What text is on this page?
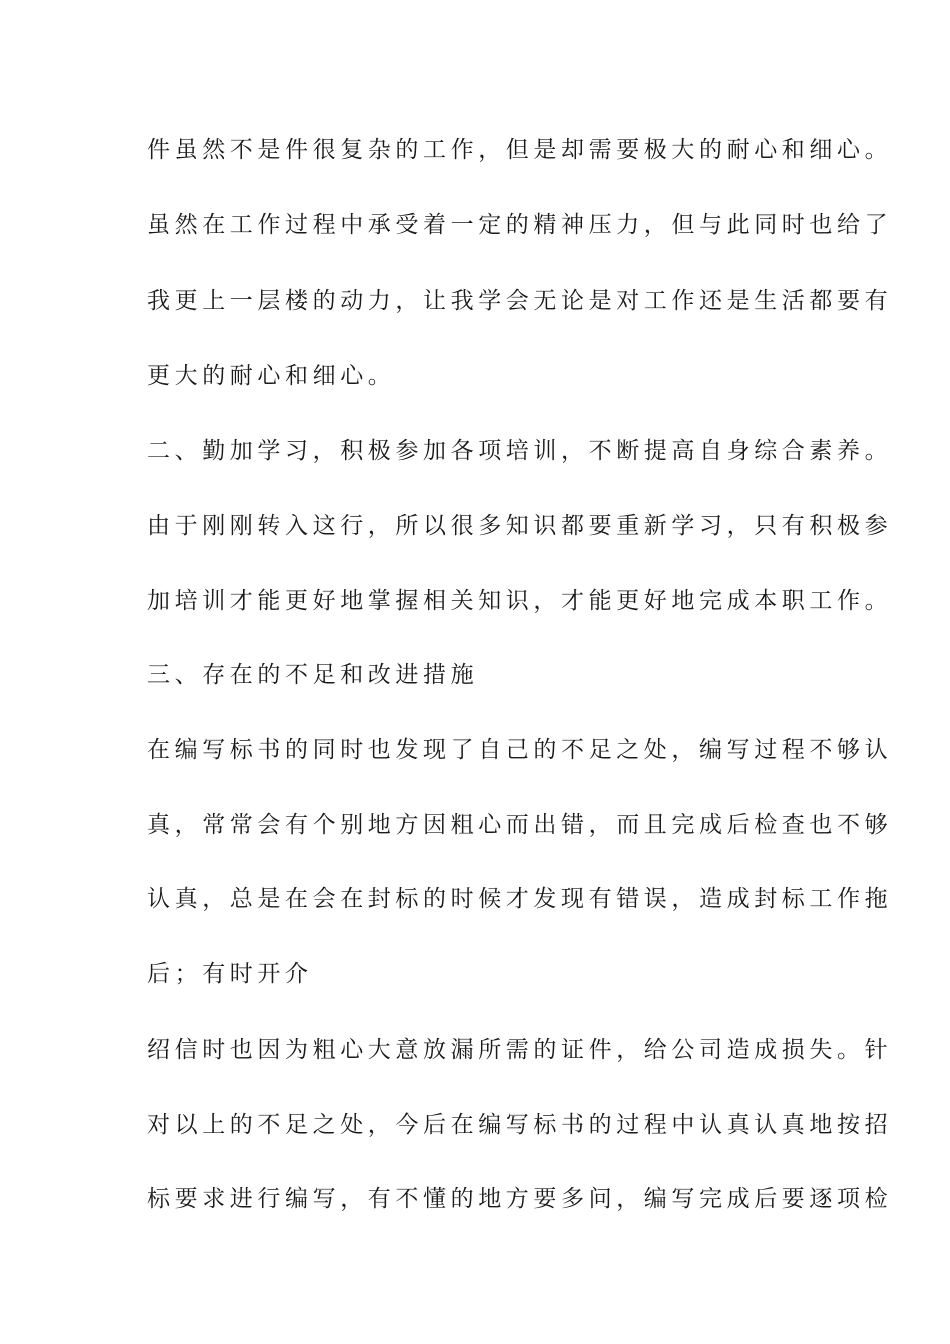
件虽然不是件很复杂的工作，但是却需要极大的耐心和细心。
虽然在工作过程中承受着一定的精神压力，但与此同时也给了
我更上一层楼的动力，让我学会无论是对工作还是生活都要有
更大的耐心和细心。
二、勤加学习，积极参加各项培训，不断提高自身综合素养。
由于刚刚转入这行，所以很多知识都要重新学习，只有积极参
加培训才能更好地掌握相关知识，才能更好地完成本职工作。
三、存在的不足和改进措施
在编写标书的同时也发现了自己的不足之处，编写过程不够认
真，常常会有个别地方因粗心而出错，而且完成后检查也不够
认真，总是在会在封标的时候才发现有错误，造成封标工作拖
后；有时开介
绍信时也因为粗心大意放漏所需的证件，给公司造成损失。针
对以上的不足之处，今后在编写标书的过程中认真认真地按招
标要求进行编写，有不懂的地方要多问，编写完成后要逐项检
